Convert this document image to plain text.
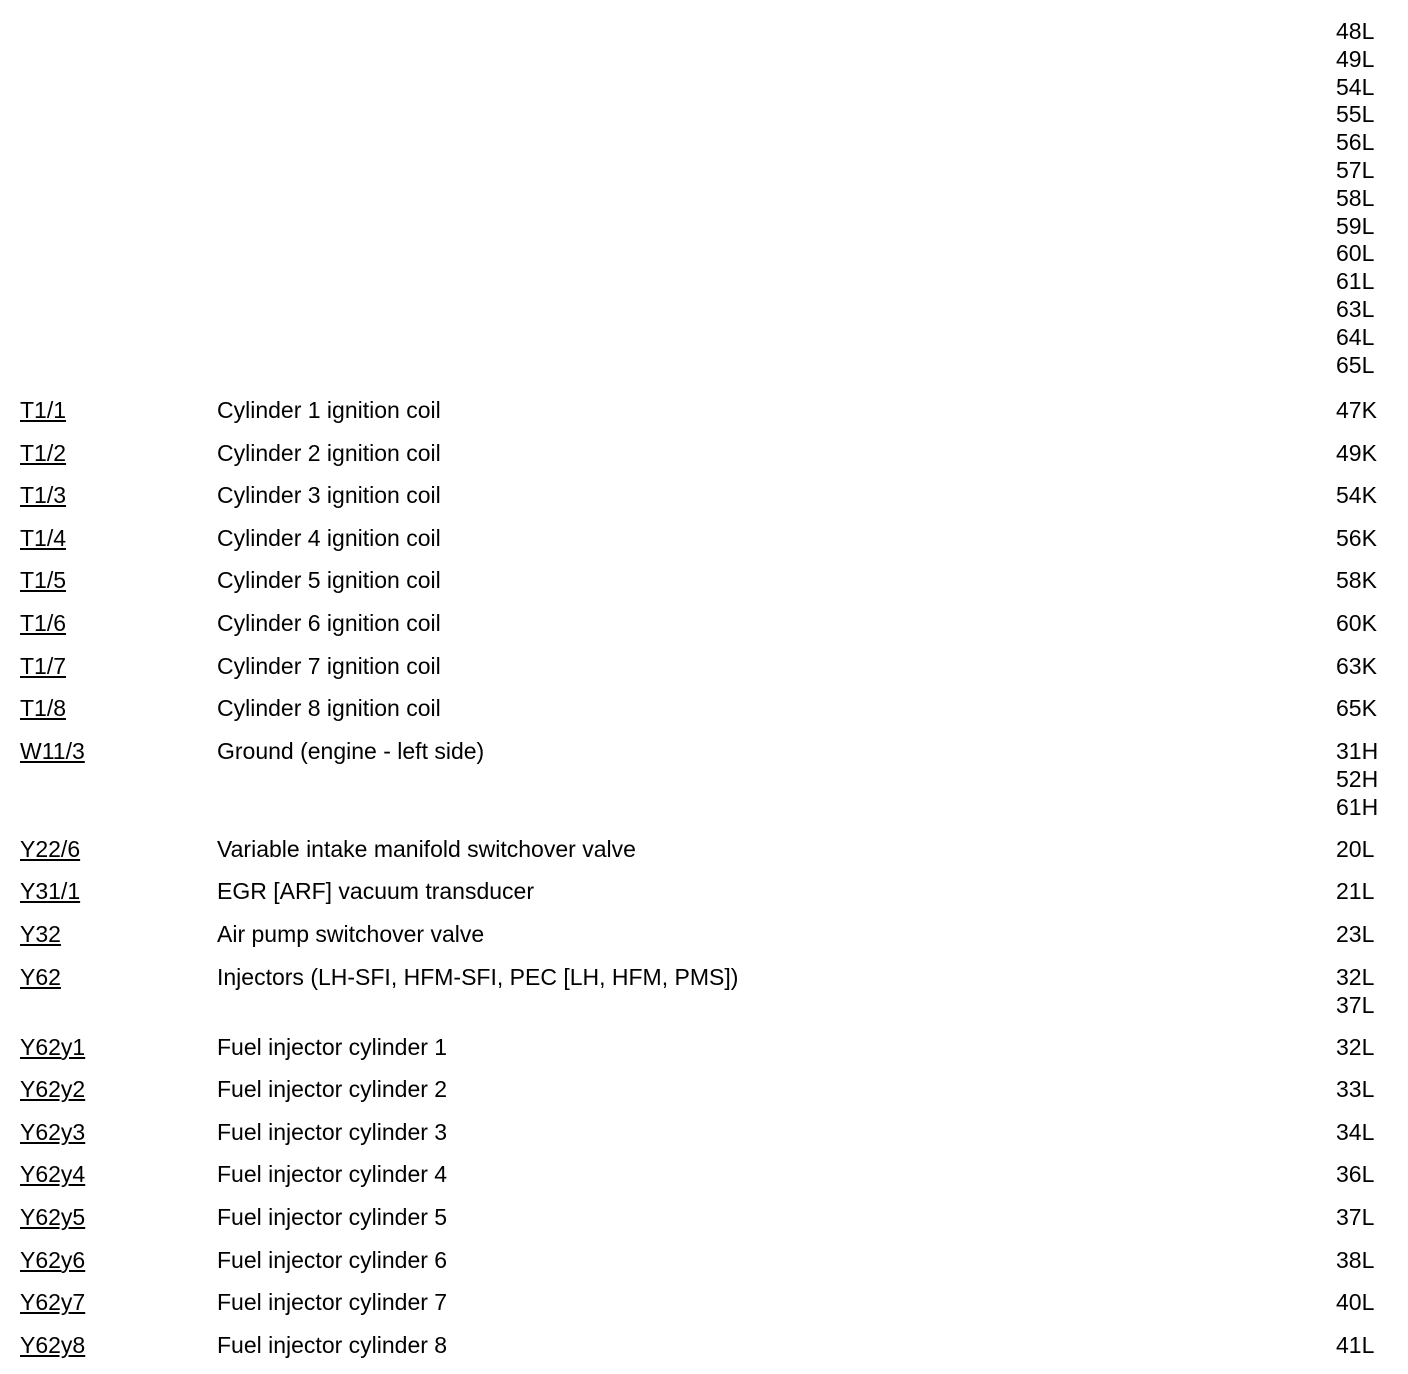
48L
49L
54L
55L
56L
57L
58L
59L
60L
61L
63L
64L
65L
T1/1	Cylinder 1 ignition coil	47K
T1/2	Cylinder 2 ignition coil	49K
T1/3	Cylinder 3 ignition coil	54K
T1/4	Cylinder 4 ignition coil	56K
T1/5	Cylinder 5 ignition coil	58K
T1/6	Cylinder 6 ignition coil	60K
T1/7	Cylinder 7 ignition coil	63K
T1/8	Cylinder 8 ignition coil	65K
W11/3	Ground (engine - left side)	31H
52H
61H
Y22/6	Variable intake manifold switchover valve	20L
Y31/1	EGR [ARF] vacuum transducer	21L
Y32	Air pump switchover valve	23L
Y62	Injectors (LH-SFI, HFM-SFI, PEC [LH, HFM, PMS])	32L
37L
Y62y1	Fuel injector cylinder 1	32L
Y62y2	Fuel injector cylinder 2	33L
Y62y3	Fuel injector cylinder 3	34L
Y62y4	Fuel injector cylinder 4	36L
Y62y5	Fuel injector cylinder 5	37L
Y62y6	Fuel injector cylinder 6	38L
Y62y7	Fuel injector cylinder 7	40L
Y62y8	Fuel injector cylinder 8	41L
